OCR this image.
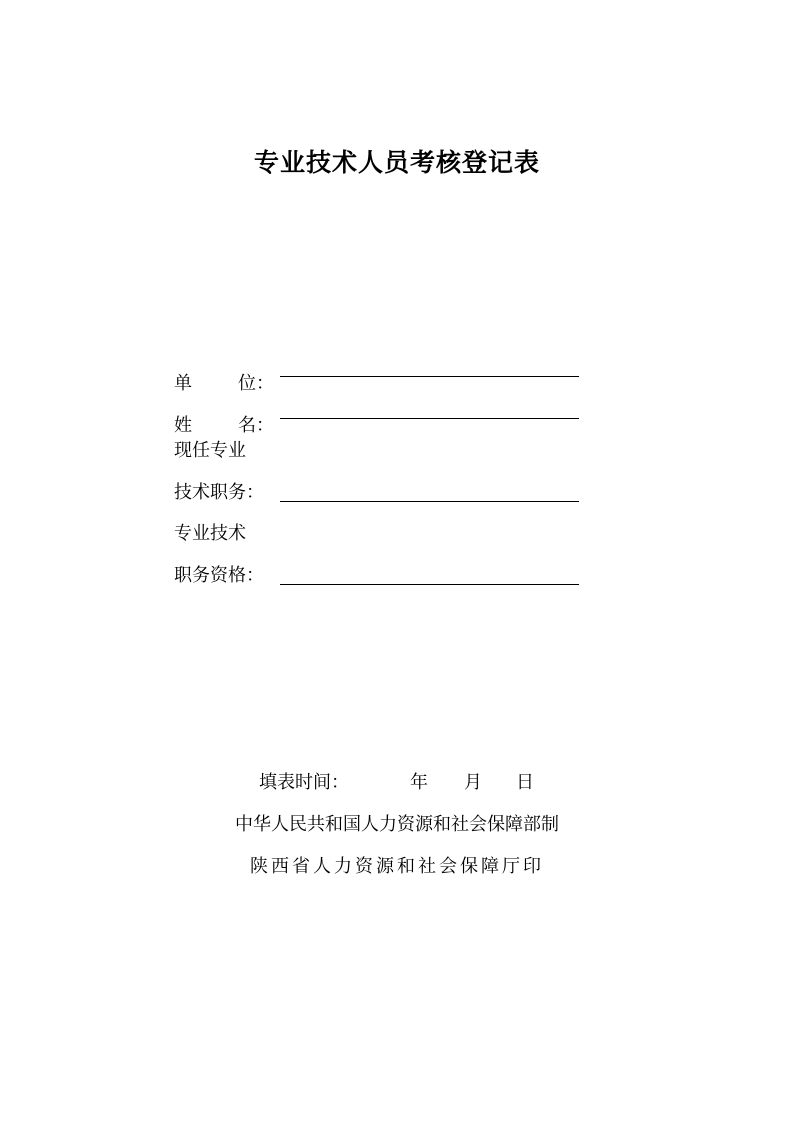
专业技术人员考核登记表
单	位 ：
姓	名 ：
现任专业
技术职务：
专业技术
职务资格：
填表时间：	年 月 日
中华人民共和国人力资源和社会保障部制
陕西省人力资源和社会保障厅印
